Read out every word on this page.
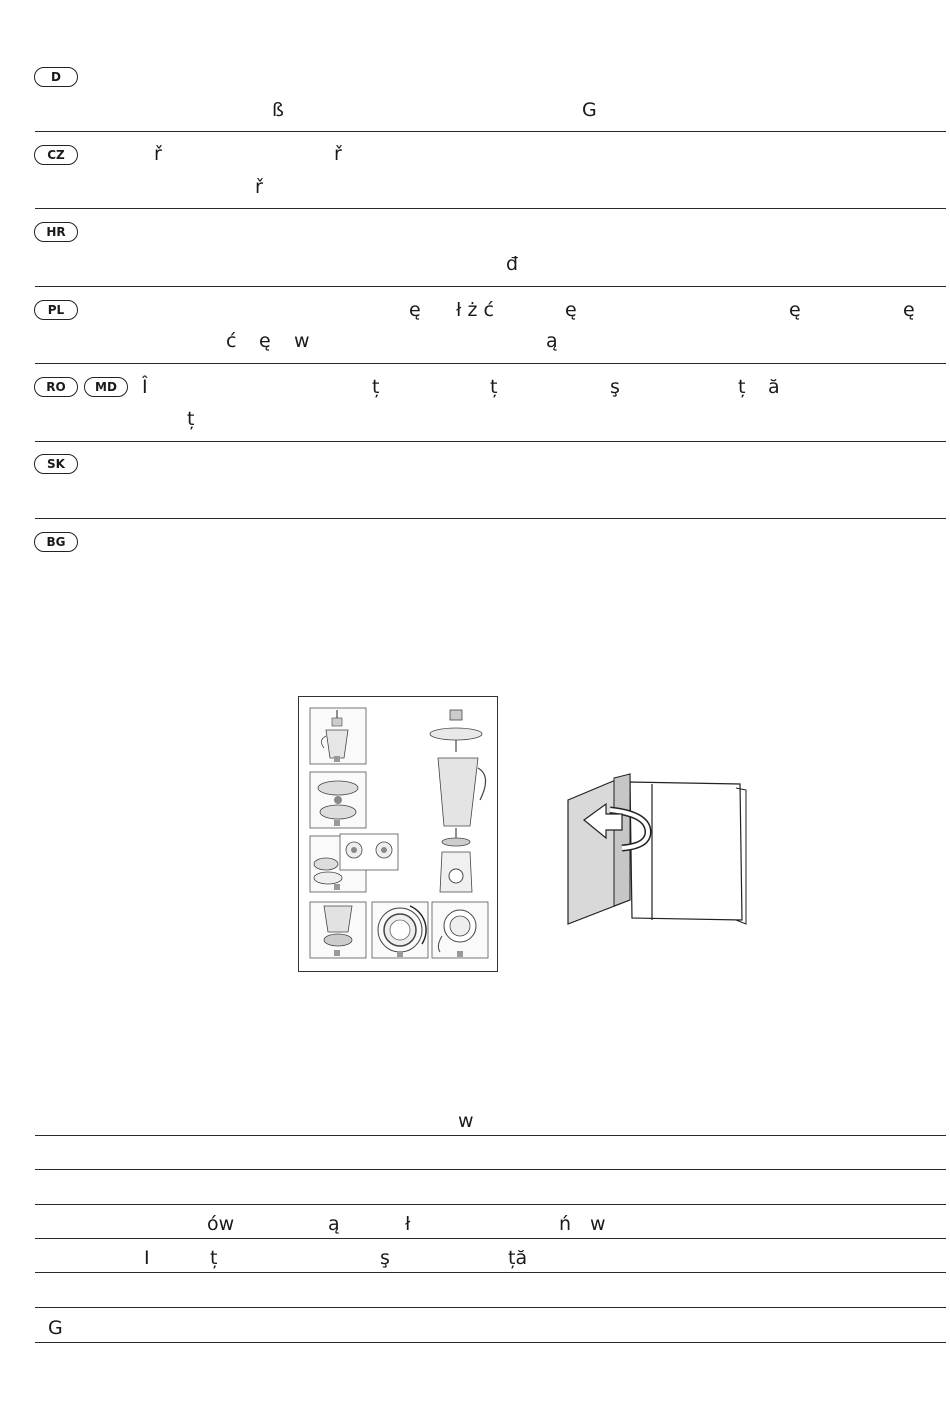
D
ß	G
CZ	ř	ř
ř
HR
đ
PL	ę ł ż ć	ę	ę	ę
ć ę w	ą
RO	MD	Î	ț	ț	ş	ț ă
ț
SK
BG
w
ów	ą	ł	ń w
I	ț	ş	ță
G
